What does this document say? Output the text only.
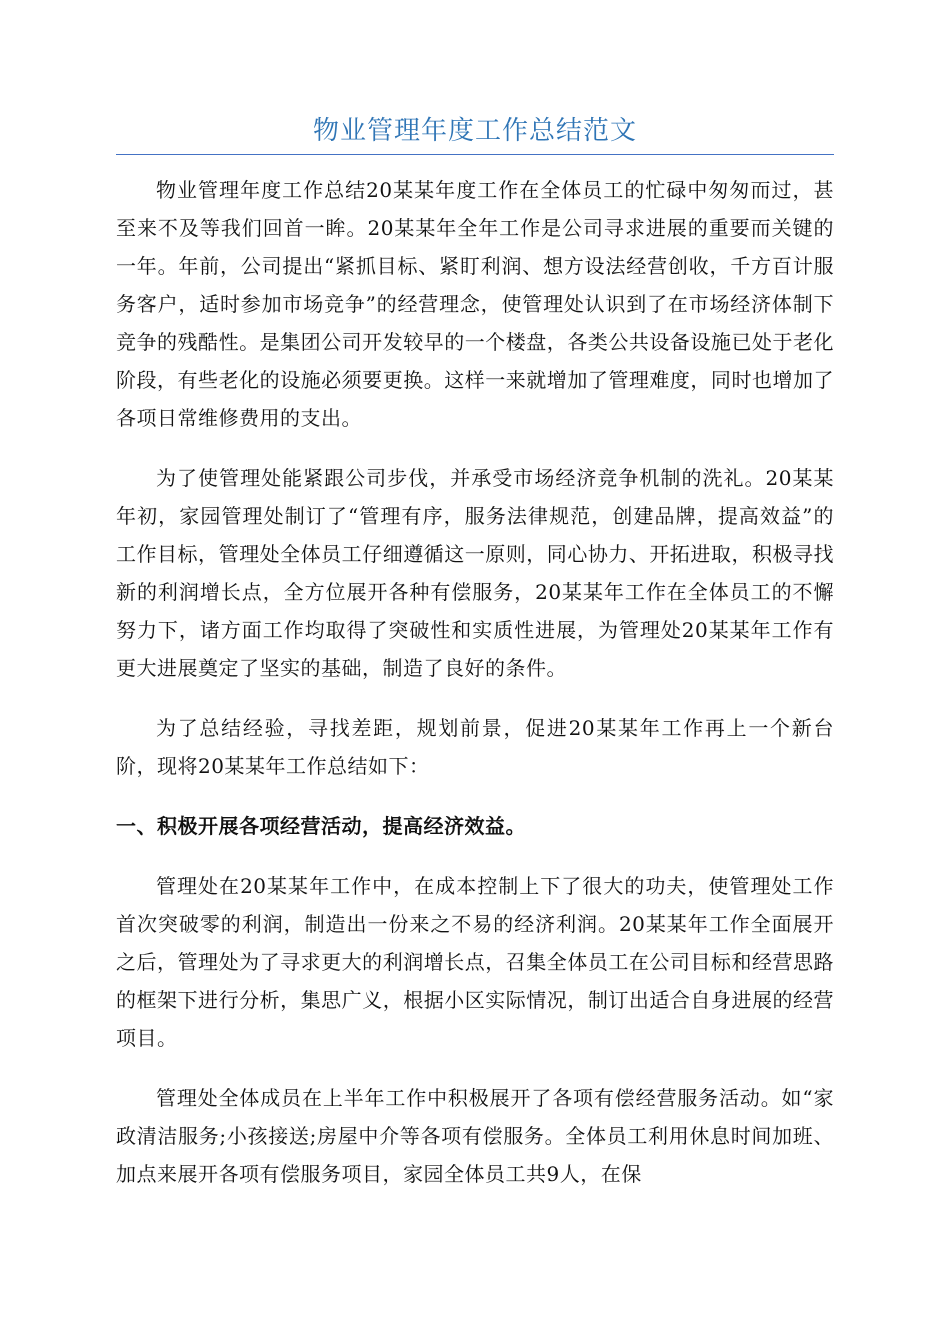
物业管理年度工作总结范文

物业管理年度工作总结20某某年度工作在全体员工的忙碌中匆匆而过，甚至来不及等我们回首一眸。20某某年全年工作是公司寻求进展的重要而关键的一年。年前，公司提出“紧抓目标、紧盯利润、想方设法经营创收，千方百计服务客户，适时参加市场竞争”的经营理念，使管理处认识到了在市场经济体制下竞争的残酷性。是集团公司开发较早的一个楼盘，各类公共设备设施已处于老化阶段，有些老化的设施必须要更换。这样一来就增加了管理难度，同时也增加了各项日常维修费用的支出。

为了使管理处能紧跟公司步伐，并承受市场经济竞争机制的洗礼。20某某年初，家园管理处制订了“管理有序，服务法律规范，创建品牌，提高效益”的工作目标，管理处全体员工仔细遵循这一原则，同心协力、开拓进取，积极寻找新的利润增长点，全方位展开各种有偿服务，20某某年工作在全体员工的不懈努力下，诸方面工作均取得了突破性和实质性进展，为管理处20某某年工作有更大进展奠定了坚实的基础，制造了良好的条件。

为了总结经验，寻找差距，规划前景，促进20某某年工作再上一个新台阶，现将20某某年工作总结如下：

一、积极开展各项经营活动，提高经济效益。

管理处在20某某年工作中，在成本控制上下了很大的功夫，使管理处工作首次突破零的利润，制造出一份来之不易的经济利润。20某某年工作全面展开之后，管理处为了寻求更大的利润增长点，召集全体员工在公司目标和经营思路的框架下进行分析，集思广义，根据小区实际情况，制订出适合自身进展的经营项目。

管理处全体成员在上半年工作中积极展开了各项有偿经营服务活动。如“家政清洁服务;小孩接送;房屋中介等各项有偿服务。全体员工利用休息时间加班、加点来展开各项有偿服务项目，家园全体员工共9人，在保
